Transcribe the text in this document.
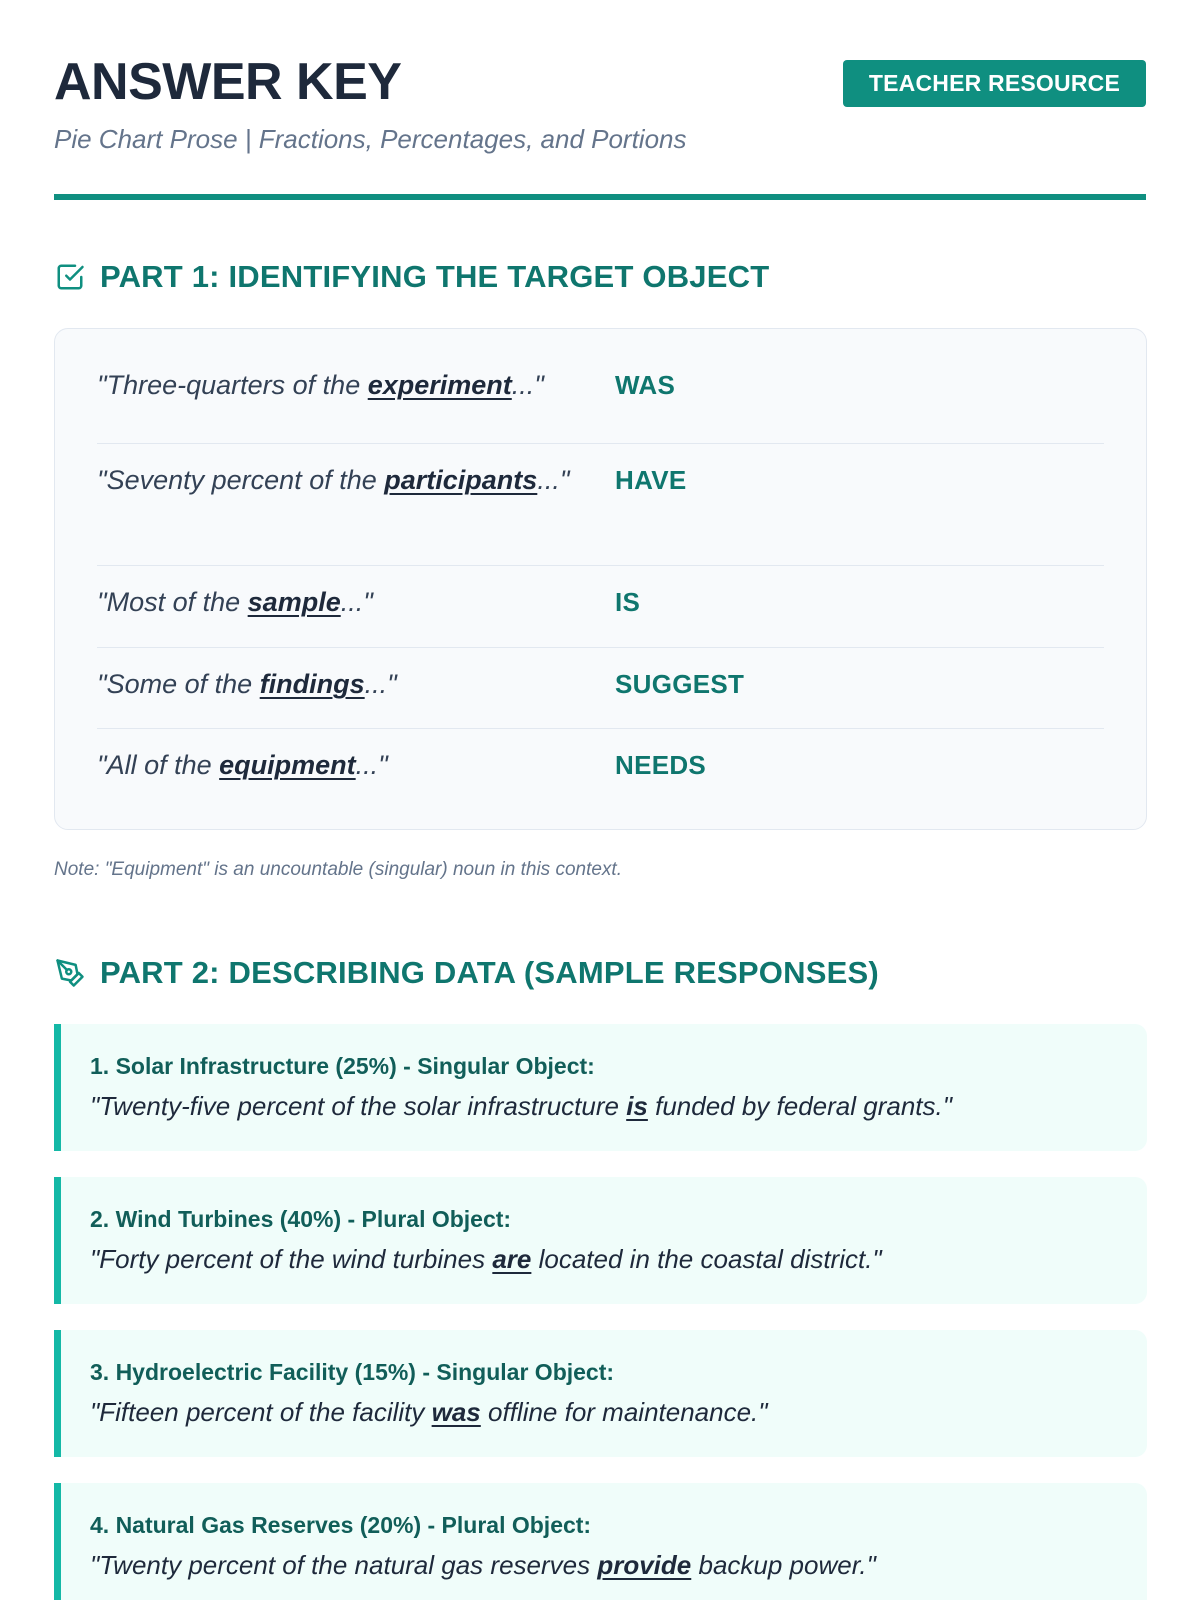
ANSWER KEY
Pie Chart Prose | Fractions, Percentages, and Portions
TEACHER RESOURCE
PART 1: IDENTIFYING THE TARGET OBJECT
"Three-quarters of the experiment..."	WAS
"Seventy percent of the participants..."	HAVE
"Most of the sample..."	IS
"Some of the findings..."	SUGGEST
"All of the equipment..."	NEEDS
Note: "Equipment" is an uncountable (singular) noun in this context.
PART 2: DESCRIBING DATA (SAMPLE RESPONSES)
1. Solar Infrastructure (25%) - Singular Object:
"Twenty-five percent of the solar infrastructure is funded by federal grants."
2. Wind Turbines (40%) - Plural Object:
"Forty percent of the wind turbines are located in the coastal district."
3. Hydroelectric Facility (15%) - Singular Object:
"Fifteen percent of the facility was offline for maintenance."
4. Natural Gas Reserves (20%) - Plural Object:
"Twenty percent of the natural gas reserves provide backup power."
